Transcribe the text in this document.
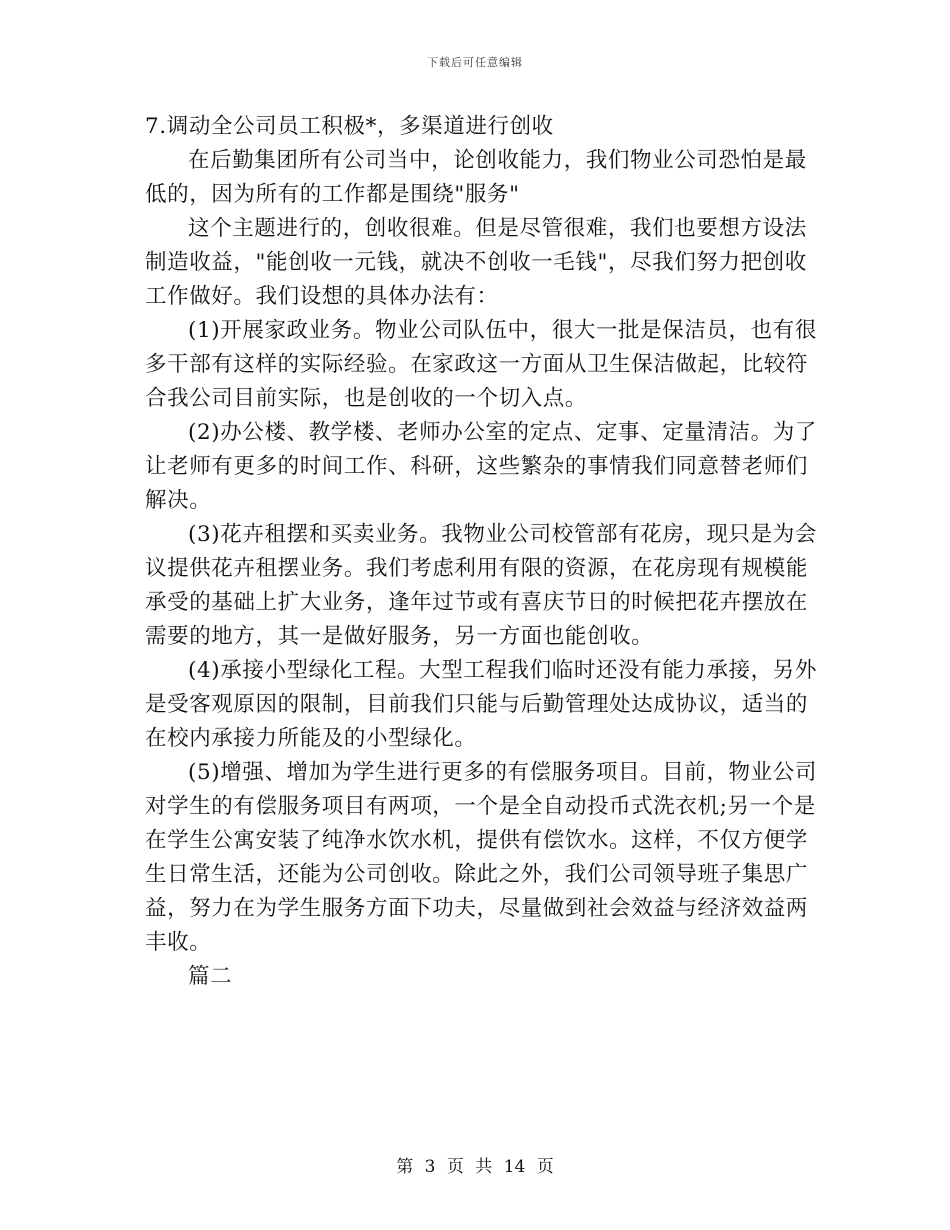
下载后可任意编辑
7.调动全公司员工积极*，多渠道进行创收
在后勤集团所有公司当中，论创收能力，我们物业公司恐怕是最
低的，因为所有的工作都是围绕"服务"
这个主题进行的，创收很难。但是尽管很难，我们也要想方设法
制造收益，"能创收一元钱，就决不创收一毛钱"，尽我们努力把创收
工作做好。我们设想的具体办法有：
(1)开展家政业务。物业公司队伍中，很大一批是保洁员，也有很
多干部有这样的实际经验。在家政这一方面从卫生保洁做起，比较符
合我公司目前实际，也是创收的一个切入点。
(2)办公楼、教学楼、老师办公室的定点、定事、定量清洁。为了
让老师有更多的时间工作、科研，这些繁杂的事情我们同意替老师们
解决。
(3)花卉租摆和买卖业务。我物业公司校管部有花房，现只是为会
议提供花卉租摆业务。我们考虑利用有限的资源，在花房现有规模能
承受的基础上扩大业务，逢年过节或有喜庆节日的时候把花卉摆放在
需要的地方，其一是做好服务，另一方面也能创收。
(4)承接小型绿化工程。大型工程我们临时还没有能力承接，另外
是受客观原因的限制，目前我们只能与后勤管理处达成协议，适当的
在校内承接力所能及的小型绿化。
(5)增强、增加为学生进行更多的有偿服务项目。目前，物业公司
对学生的有偿服务项目有两项，一个是全自动投币式洗衣机;另一个是
在学生公寓安装了纯净水饮水机，提供有偿饮水。这样，不仅方便学
生日常生活，还能为公司创收。除此之外，我们公司领导班子集思广
益，努力在为学生服务方面下功夫，尽量做到社会效益与经济效益两
丰收。
篇二
第 3 页 共 14 页
